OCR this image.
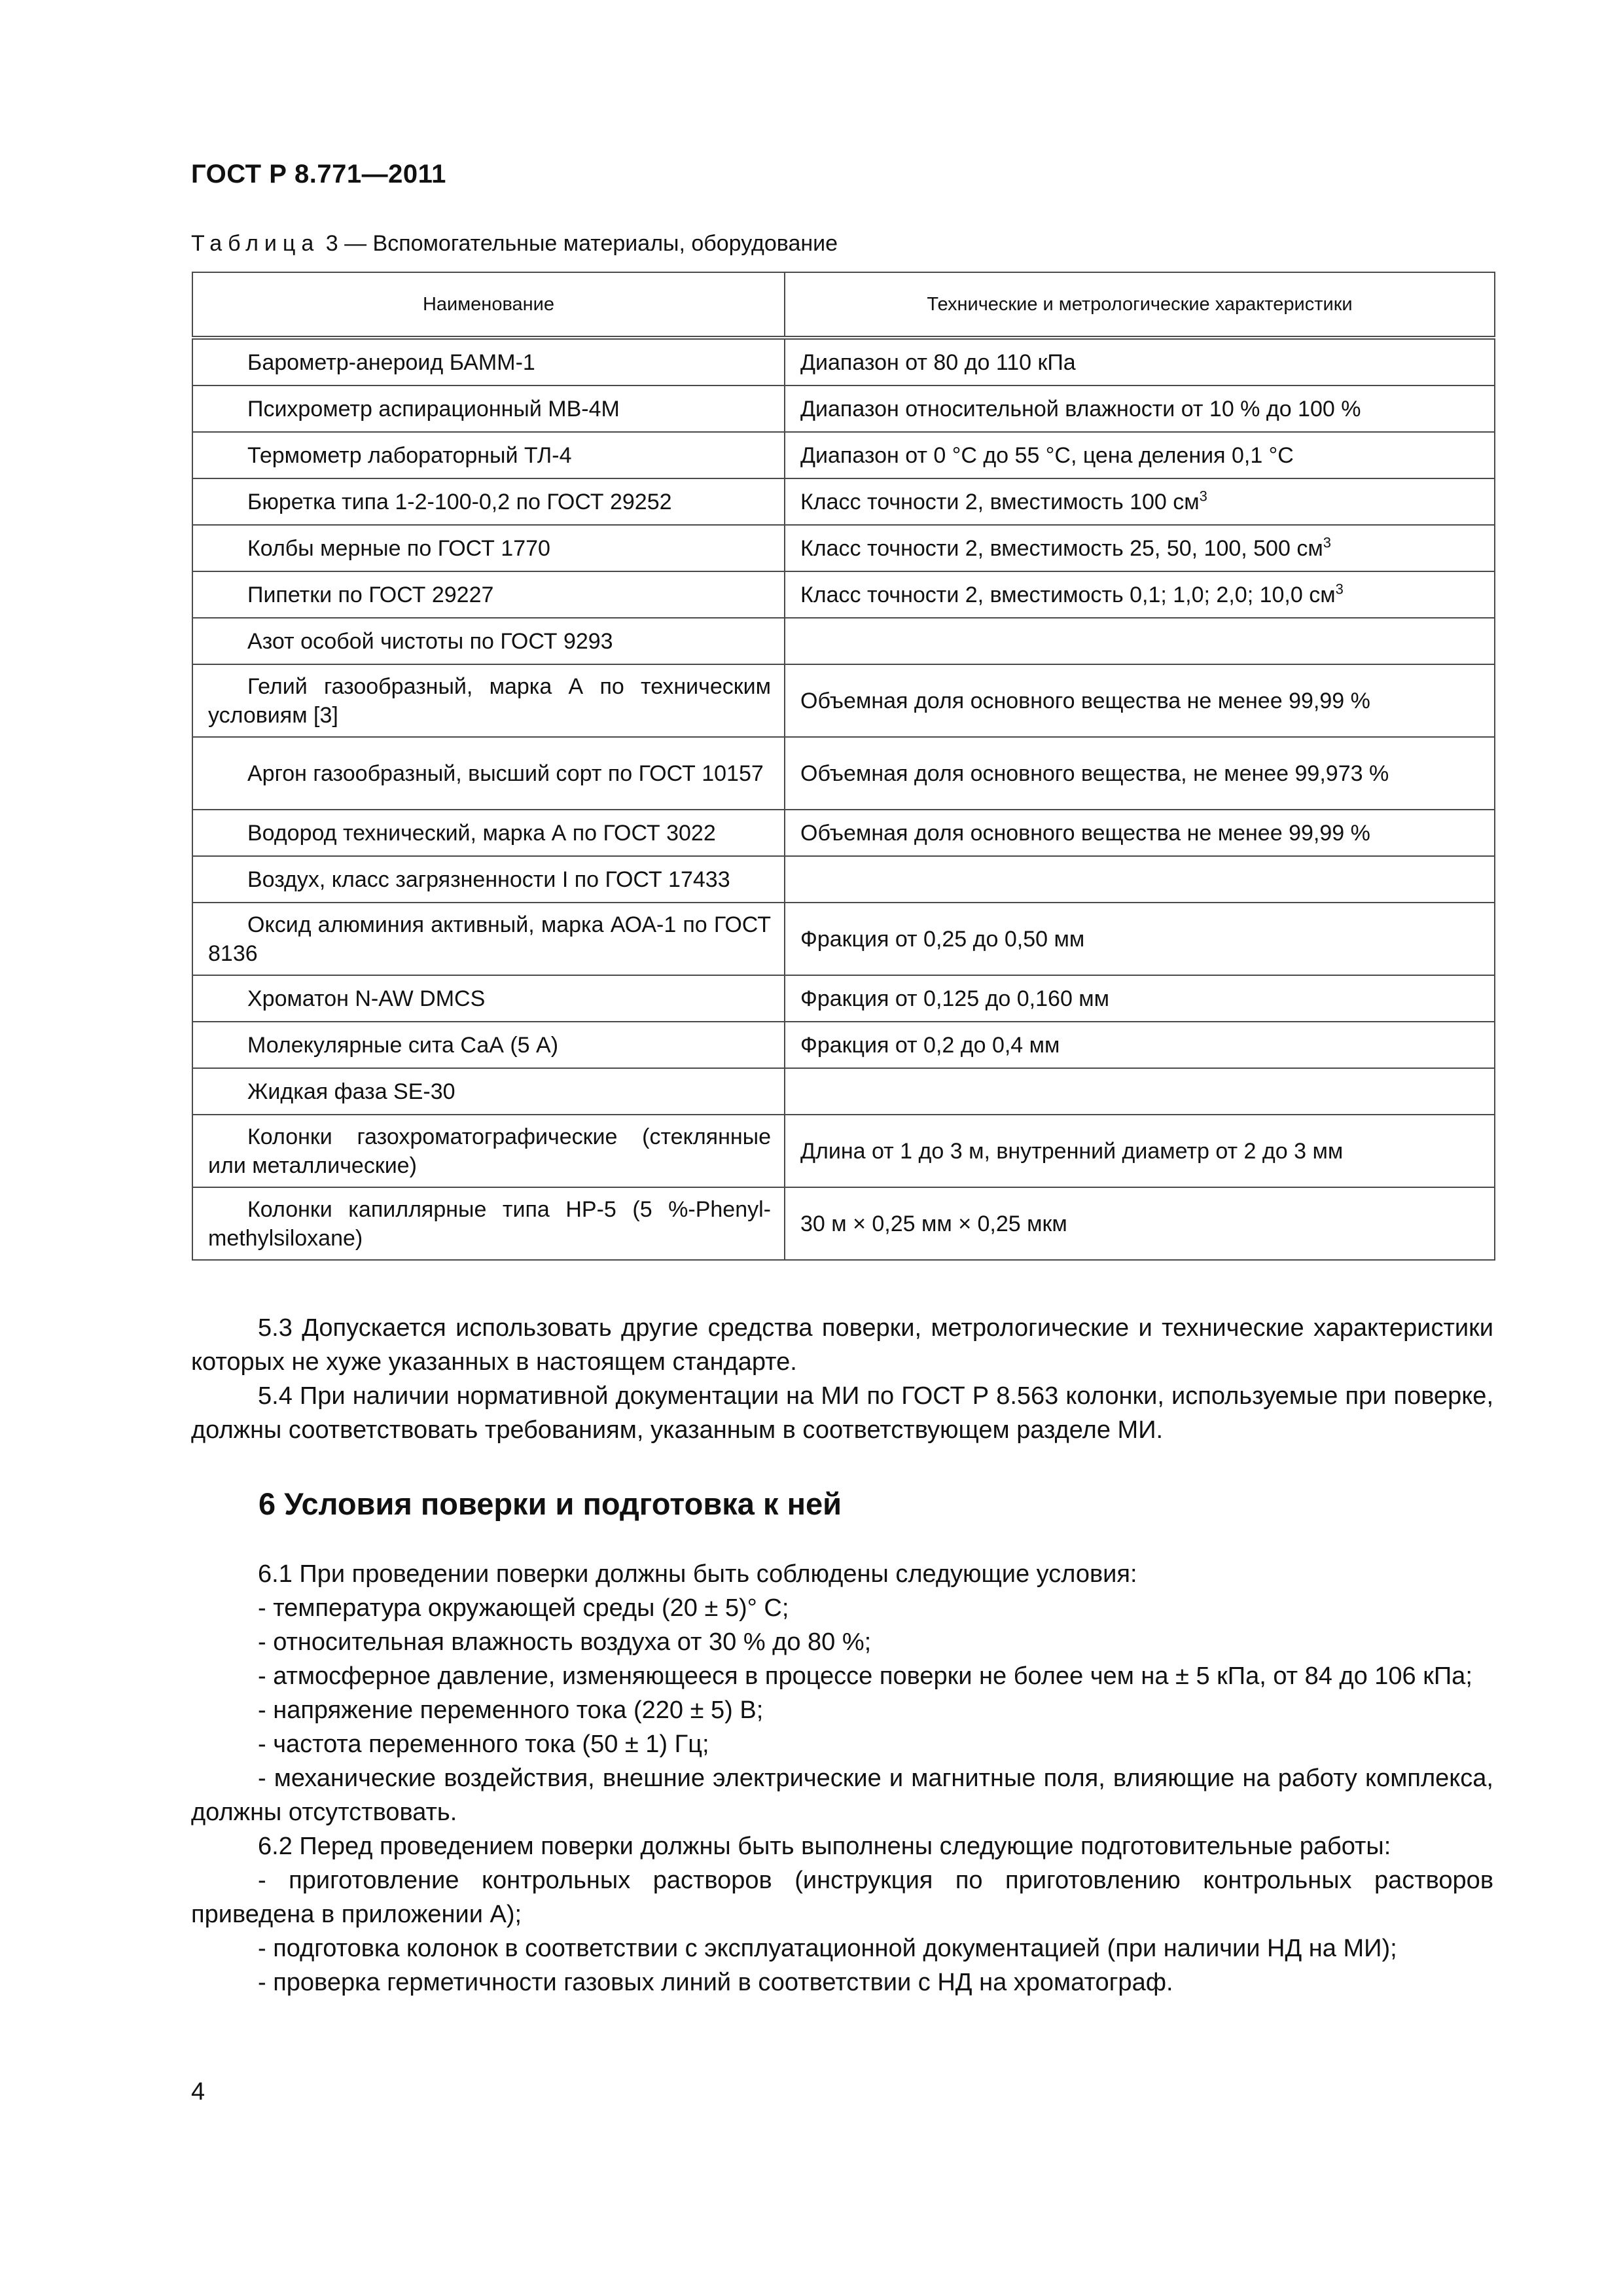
ГОСТ Р 8.771—2011
Таблица 3 — Вспомогательные материалы, оборудование
Наименование	Технические и метрологические характеристики
Барометр-анероид БАММ-1	Диапазон от 80 до 110 кПа
Психрометр аспирационный МВ-4М	Диапазон относительной влажности от 10 % до 100 %
Термометр лабораторный ТЛ-4	Диапазон от 0 °С до 55 °С, цена деления 0,1 °С
Бюретка типа 1-2-100-0,2 по ГОСТ 29252	Класс точности 2, вместимость 100 $см^3$
Колбы мерные по ГОСТ 1770	Класс точности 2, вместимость 25, 50, 100, 500 $см^3$
Пипетки по ГОСТ 29227	Класс точности 2, вместимость 0,1; 1,0; 2,0; 10,0 $см^3$
Азот особой чистоты по ГОСТ 9293	
Гелий газообразный, марка А по техническим условиям [3]	Объемная доля основного вещества не менее 99,99 %
Аргон газообразный, высший сорт по ГОСТ 10157	Объемная доля основного вещества, не менее 99,973 %
Водород технический, марка А по ГОСТ 3022	Объемная доля основного вещества не менее 99,99 %
Воздух, класс загрязненности I по ГОСТ 17433	
Оксид алюминия активный, марка АОА-1 по ГОСТ 8136	Фракция от 0,25 до 0,50 мм
Хроматон N-AW DMCS	Фракция от 0,125 до 0,160 мм
Молекулярные сита СаА (5 А)	Фракция от 0,2 до 0,4 мм
Жидкая фаза SE-30	
Колонки газохроматографические (стеклянные или металлические)	Длина от 1 до 3 м, внутренний диаметр от 2 до 3 мм
Колонки капиллярные типа HP-5 (5 %-Phenyl-methylsiloxane)	30 м × 0,25 мм × 0,25 мкм

5.3 Допускается использовать другие средства поверки, метрологические и технические характеристики которых не хуже указанных в настоящем стандарте.

5.4 При наличии нормативной документации на МИ по ГОСТ Р 8.563 колонки, используемые при поверке, должны соответствовать требованиям, указанным в соответствующем разделе МИ.

6 Условия поверки и подготовка к ней

6.1 При проведении поверки должны быть соблюдены следующие условия:

- температура окружающей среды (20 ± 5)° С;

- относительная влажность воздуха от 30 % до 80 %;

- атмосферное давление, изменяющееся в процессе поверки не более чем на ± 5 кПа, от 84 до 106 кПа;

- напряжение переменного тока (220 ± 5) В;

- частота переменного тока (50 ± 1) Гц;

- механические воздействия, внешние электрические и магнитные поля, влияющие на работу комплекса, должны отсутствовать.

6.2 Перед проведением поверки должны быть выполнены следующие подготовительные работы:

- приготовление контрольных растворов (инструкция по приготовлению контрольных растворов приведена в приложении А);

- подготовка колонок в соответствии с эксплуатационной документацией (при наличии НД на МИ);

- проверка герметичности газовых линий в соответствии с НД на хроматограф.

4
